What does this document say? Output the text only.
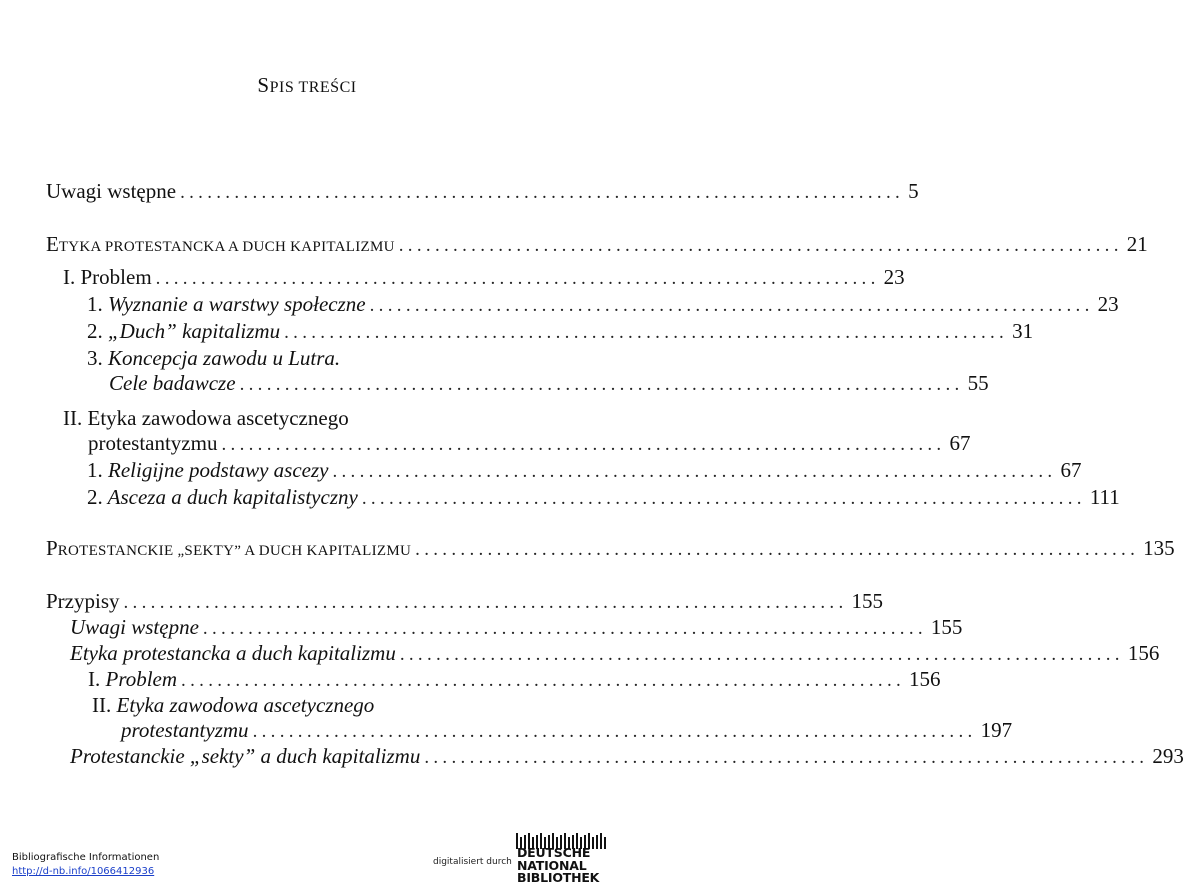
SPIS TREŚCI
Uwagi wstępne ................................................................................ 5
ETYKA PROTESTANCKA A DUCH KAPITALIZMU ................................................................................ 21
I. Problem ................................................................................ 23
1. Wyznanie a warstwy społeczne ................................................................................ 23
2. „Duch” kapitalizmu ................................................................................ 31
3. Koncepcja zawodu u Lutra.
Cele badawcze ................................................................................ 55
II. Etyka zawodowa ascetycznego
protestantyzmu ................................................................................ 67
1. Religijne podstawy ascezy ................................................................................ 67
2. Asceza a duch kapitalistyczny ................................................................................ 111
PROTESTANCKIE „SEKTY” A DUCH KAPITALIZMU ................................................................................ 135
Przypisy ................................................................................ 155
Uwagi wstępne ................................................................................ 155
Etyka protestancka a duch kapitalizmu ................................................................................ 156
I. Problem ................................................................................ 156
II. Etyka zawodowa ascetycznego
protestantyzmu ................................................................................ 197
Protestanckie „sekty” a duch kapitalizmu ................................................................................ 293
Bibliografische Informationen
http://d-nb.info/1066412936
digitalisiert durch
DEUTSCHE
NATIONAL
BIBLIOTHEK
